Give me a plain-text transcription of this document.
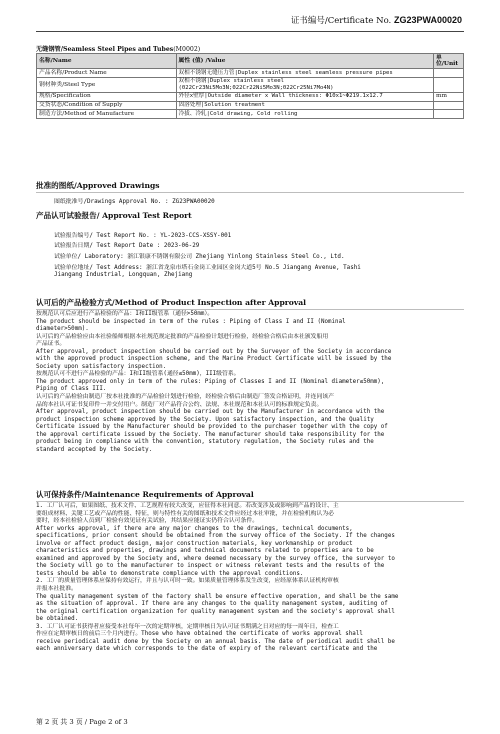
证书编号/Certificate No. ZG23PWA00020
无缝钢管/Seamless Steel Pipes and Tubes(M0002)
名称/Name	属性 (值) /Value	单位/Unit
产品名称/Product Name	双相不锈钢无缝压力管|Duplex stainless steel seamless pressure pipes	
钢材种类/Steel Type	双相不锈钢|Duplex stainless steel (022Cr23Ni5Mo3N;022Cr22Ni5Mo3N;022Cr25Ni7Mo4N)	
规格/Specification	外径x壁厚|Outside diameter x Wall thickness: Φ10x1~Φ219.1x12.7	mm
交货状态/Condition of Supply	固溶处理|Solution treatment	
制造方法/Method of Manufacture	冷拔、冷轧|Cold drawing, Cold rolling	
批准的图纸/Approved Drawings
图纸批准号/Drawings Approval No. : ZG23PWA00020
产品认可试验报告/ Approval Test Report
试验报告编号/ Test Report No. : YL-2023-CCS-XSSY-001
试验报告日期/ Test Report Date : 2023-06-29
试验单位/ Laboratory: 浙江银康不锈钢有限公司 Zhejiang Yinlong Stainless Steel Co., Ltd.
试验单位地址/ Test Address: 浙江省龙泉市塔石金岗工业园区金岗大道5号 No.5 Jiangang Avenue, Tashi
Jiangang Industrial, Longquan, Zhejiang
认可后的产品检验方式/Method of Product Inspection after Approval

按规范认可后应进行产品检验的产品：I和II级管系（通径>50mm）。
The product should be inspected in term of the rules : Piping of Class I and II (Nominal
diameter>50mm).
认可后的产品检验应由本社验船师根据本社规范规定批准的产品检验计划进行检验，经检验合格后由本社颁发船用
产品证书。
After approval, product inspection should be carried out by the Surveyor of the Society in accordance
with the approved product inspection scheme, and the Marine Product Certificate will be issued by the
Society upon satisfactory inspection.
按规范认可不进行产品检验的产品：I和II级管系(通径≤50mm)，III级管系。
The product approved only in term of the rules: Piping of Classes I and II (Nominal diameter≤50mm),
Piping of Class III.
认可后的产品检验由制造厂按本社批准的产品检验计划进行检验，经检验合格后由制造厂签发合格证明，并连同该产
品的本社认可证书复印件一并交付用户。制造厂对产品符合公约、法规、本社规范和本社认可的标准规定负责。
After approval, product inspection should be carried out by the Manufacturer in accordance with the
product inspection scheme approved by the Society. Upon satisfactory inspection, and the Quality
Certificate issued by the Manufacturer should be provided to the purchaser together with the copy of
the approval certificate issued by the Society. The manufacturer should take responsibility for the
product being in compliance with the convention, statutory regulation, the Society rules and the
standard accepted by the Society.

认可保持条件/Maintenance Requirements of Approval

1. 工厂认可后，如果图纸、技术文件、工艺规程有较大改变，应征得本社同意。若改变涉及或影响到产品的设计、主
要组成材料、关键工艺或产品的性能、特征，则与特性有关的图纸和技术文件应经过本社审批，并在检验机构认为必
要时，经本社检验人员到厂检验有效见证有关试验，其结果应能证实仍符合认可条件。
After works approval, if there are any major changes to the drawings, technical documents,
specifications, prior consent should be obtained from the survey office of the Society. If the changes
involve or affect product design, major construction materials, key workmanship or product
characteristics and properties, drawings and technical documents related to properties are to be
examined and approved by the Society and, where deemed necessary by the survey office, the surveyor to
the Society will go to the manufacturer to inspect or witness relevant tests and the results of the
tests should be able to demonstrate compliance with the approval conditions.
2. 工厂的质量管理体系应保持有效运行，并且与认可时一致。如果质量管理体系发生改变，应经原体系认证机构审核
并报本社批准。
The quality management system of the factory shall be ensure effective operation, and shall be the same
as the situation of approval. If there are any changes to the quality management system, auditing of
the original certification organization for quality management system and the society's approval shall
be obtained.
3. 工厂认可证书获得者应接受本社每年一次的定期审核，定期审核日为认可证书期满之日对应的每一周年日，检查工
作应在定期审核日的前后三个月内进行。Those who have obtained the certificate of works approval shall
receive periodical audit done by the Society on an annual basis. The date of periodical audit shall be
each anniversary date which corresponds to the date of expiry of the relevant certificate and the

第 2 页 共 3 页 / Page 2 of 3
